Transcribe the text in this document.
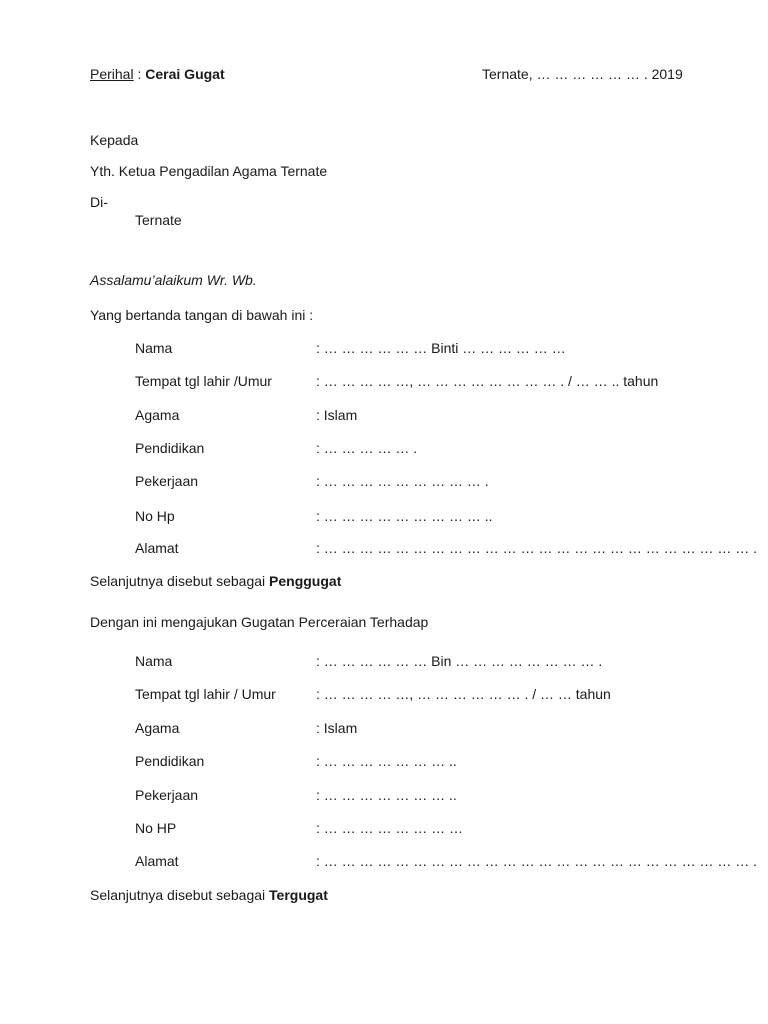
Perihal : Cerai Gugat	Ternate, … … … … … … . 2019
Kepada
Yth. Ketua Pengadilan Agama Ternate
Di-
Ternate
Assalamu’alaikum Wr. Wb.
Yang bertanda tangan di bawah ini :
Nama	: … … … … … … Binti … … … … … …
Tempat tgl lahir /Umur	: … … … … …, … … … … … … … … . / … … .. tahun
Agama	: Islam
Pendidikan	: … … … … … .
Pekerjaan	: … … … … … … … … … .
No Hp	: … … … … … … … … … ..
Alamat	: … … … … … … … … … … … … … … … … … … … … … … … … .
Selanjutnya disebut sebagai Penggugat
Dengan ini mengajukan Gugatan Perceraian Terhadap
Nama	: … … … … … … Bin … … … … … … … … .
Tempat tgl lahir / Umur	: … … … … …, … … … … … … . / … … tahun
Agama	: Islam
Pendidikan	: … … … … … … … ..
Pekerjaan	: … … … … … … … ..
No HP	: … … … … … … … …
Alamat	: … … … … … … … … … … … … … … … … … … … … … … … … .
Selanjutnya disebut sebagai Tergugat
